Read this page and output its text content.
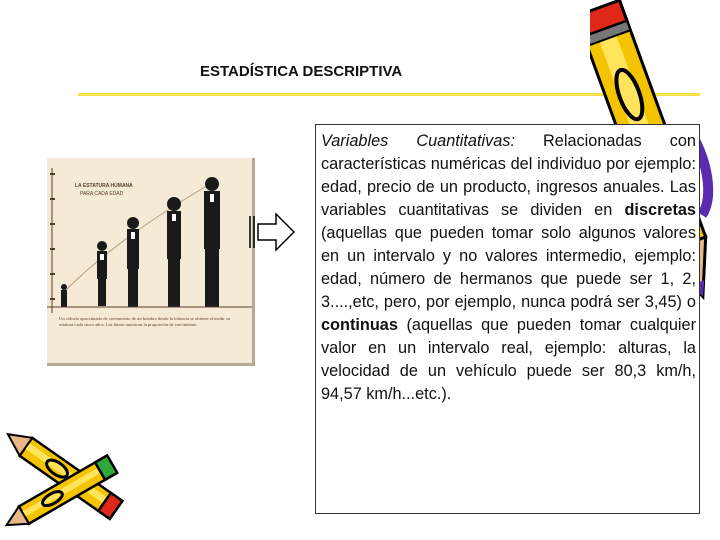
ESTADÍSTICA DESCRIPTIVA
LA ESTATURA HUMANA
PARA CADA EDAD
Un cálculo aproximado de crecimiento de un hombre desde la infancia se obtiene al medir su estatura cada cinco años. Las líneas muestran la proporción de crecimiento.

Variables Cuantitativas: Relacionadas con características numéricas del individuo por ejemplo: edad, precio de un producto, ingresos anuales. Las variables cuantitativas se dividen en discretas (aquellas que pueden tomar solo algunos valores en un intervalo y no valores intermedio, ejemplo: edad, número de hermanos que puede ser 1, 2, 3....,etc, pero, por ejemplo, nunca podrá ser 3,45) o continuas (aquellas que pueden tomar cualquier valor en un intervalo real, ejemplo: alturas, la velocidad de un vehículo puede ser 80,3 km/h, 94,57 km/h...etc.).
